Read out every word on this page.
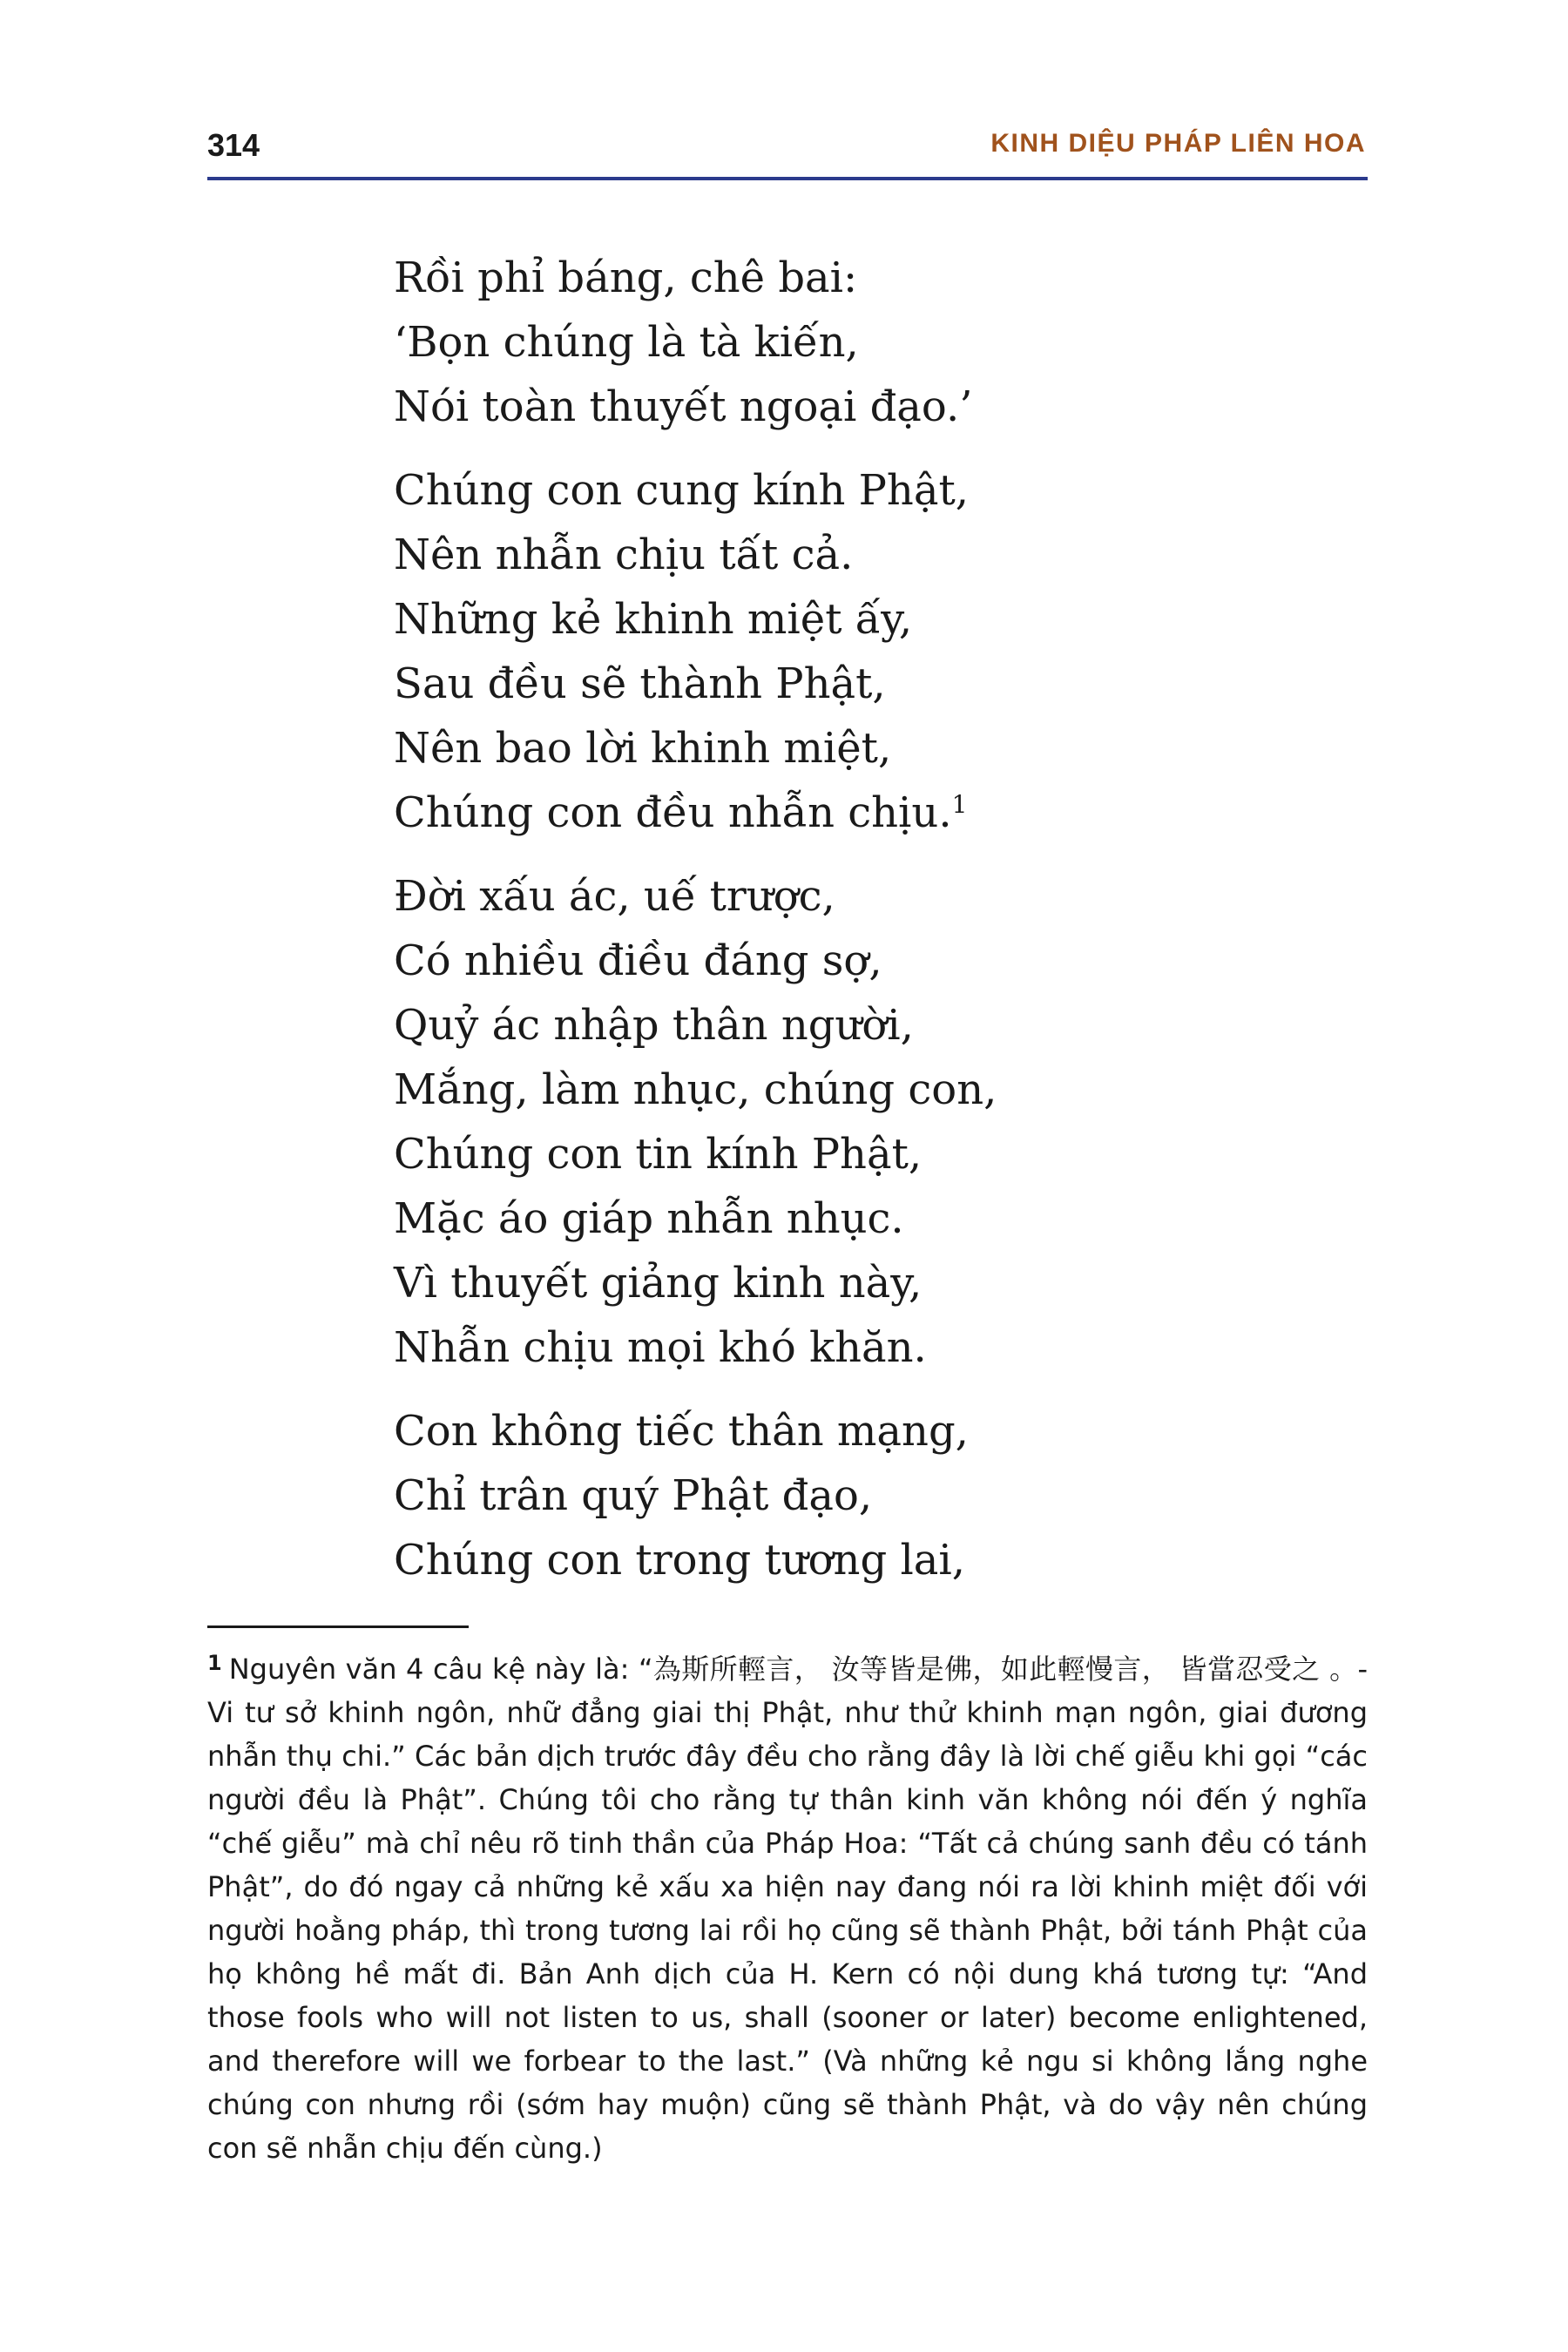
314	KINH DIỆU PHÁP LIÊN HOA
Rồi phỉ báng, chê bai:
‘Bọn chúng là tà kiến,
Nói toàn thuyết ngoại đạo.’
Chúng con cung kính Phật,
Nên nhẫn chịu tất cả.
Những kẻ khinh miệt ấy,
Sau đều sẽ thành Phật,
Nên bao lời khinh miệt,
Chúng con đều nhẫn chịu.$^1$
Đời xấu ác, uế trược,
Có nhiều điều đáng sợ,
Quỷ ác nhập thân người,
Mắng, làm nhục, chúng con,
Chúng con tin kính Phật,
Mặc áo giáp nhẫn nhục.
Vì thuyết giảng kinh này,
Nhẫn chịu mọi khó khăn.
Con không tiếc thân mạng,
Chỉ trân quý Phật đạo,
Chúng con trong tương lai,
$^1$ Nguyên văn 4 câu kệ này là: “為斯所輕言， 汝等皆是佛，如此輕慢言， 皆當忍受之 。- Vi tư sở khinh ngôn, nhữ đẳng giai thị Phật, như thử khinh mạn ngôn, giai đương nhẫn thụ chi.” Các bản dịch trước đây đều cho rằng đây là lời chế giễu khi gọi “các người đều là Phật”. Chúng tôi cho rằng tự thân kinh văn không nói đến ý nghĩa “chế giễu” mà chỉ nêu rõ tinh thần của Pháp Hoa: “Tất cả chúng sanh đều có tánh Phật”, do đó ngay cả những kẻ xấu xa hiện nay đang nói ra lời khinh miệt đối với người hoằng pháp, thì trong tương lai rồi họ cũng sẽ thành Phật, bởi tánh Phật của họ không hề mất đi. Bản Anh dịch của H. Kern có nội dung khá tương tự: “And those fools who will not listen to us, shall (sooner or later) become enlightened, and therefore will we forbear to the last.” (Và những kẻ ngu si không lắng nghe chúng con nhưng rồi (sớm hay muộn) cũng sẽ thành Phật, và do vậy nên chúng con sẽ nhẫn chịu đến cùng.)
